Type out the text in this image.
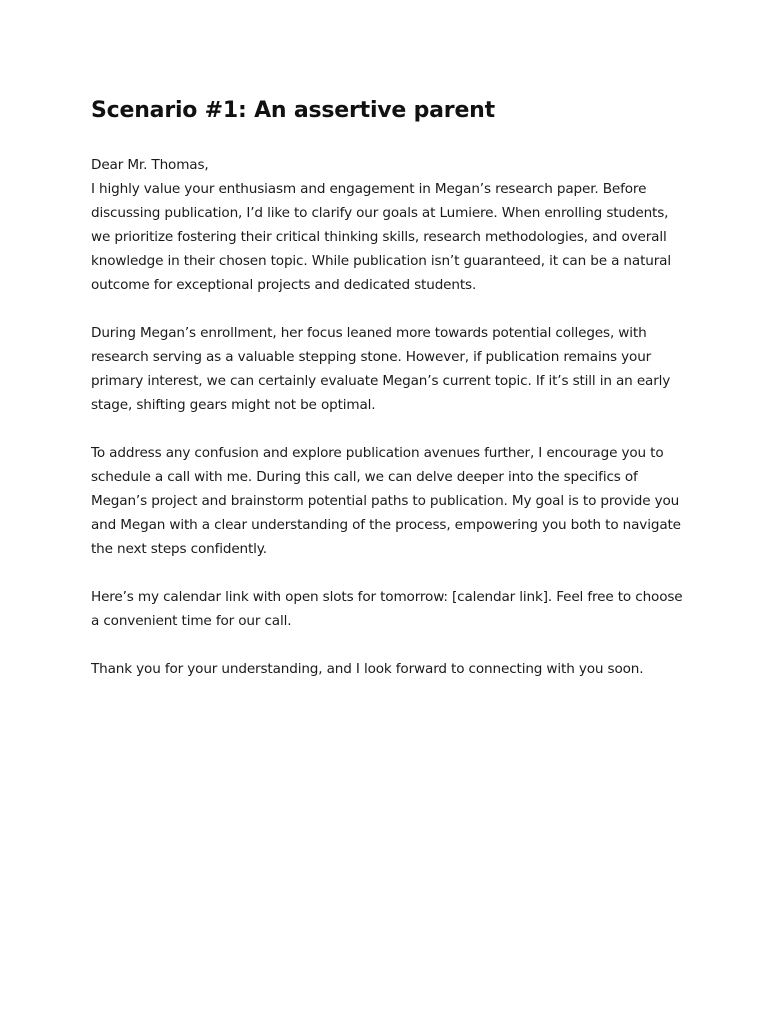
Scenario #1: An assertive parent

Dear Mr. Thomas,
I highly value your enthusiasm and engagement in Megan’s research paper. Before
discussing publication, I’d like to clarify our goals at Lumiere. When enrolling students,
we prioritize fostering their critical thinking skills, research methodologies, and overall
knowledge in their chosen topic. While publication isn’t guaranteed, it can be a natural
outcome for exceptional projects and dedicated students.

During Megan’s enrollment, her focus leaned more towards potential colleges, with
research serving as a valuable stepping stone. However, if publication remains your
primary interest, we can certainly evaluate Megan’s current topic. If it’s still in an early
stage, shifting gears might not be optimal.

To address any confusion and explore publication avenues further, I encourage you to
schedule a call with me. During this call, we can delve deeper into the specifics of
Megan’s project and brainstorm potential paths to publication. My goal is to provide you
and Megan with a clear understanding of the process, empowering you both to navigate
the next steps confidently.

Here’s my calendar link with open slots for tomorrow: [calendar link]. Feel free to choose
a convenient time for our call.

Thank you for your understanding, and I look forward to connecting with you soon.
